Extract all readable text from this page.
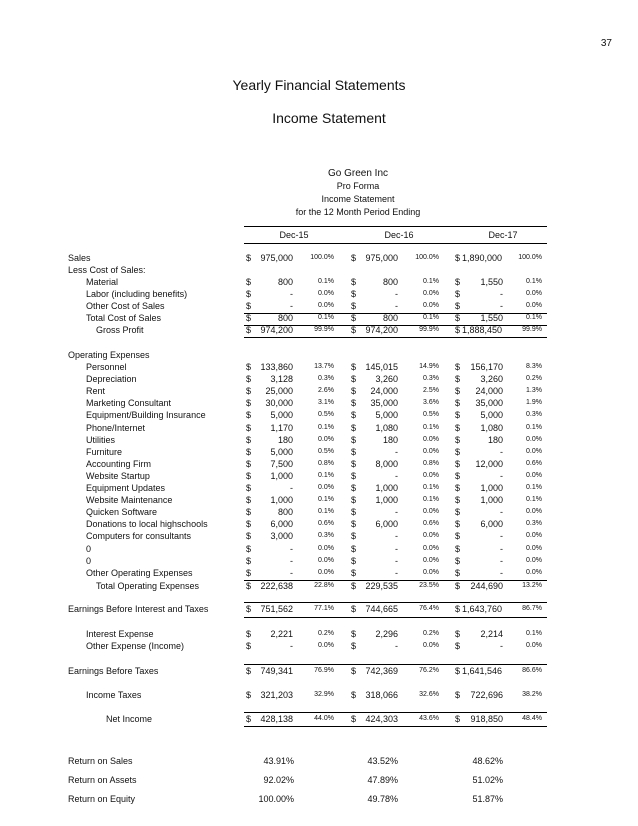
37
Yearly Financial Statements
Income Statement
Go Green Inc
Pro Forma
Income Statement
for the 12 Month Period Ending
Dec-15	Dec-16	Dec-17
Sales	$	975,000	100.0% $	975,000	100.0% $ 1,890,000	100.0%
Less Cost of Sales:
Material	$	800	0.1% $	800	0.1% $	1,550	0.1%
Labor (including benefits)	$	-	0.0% $	-	0.0% $	-	0.0%
Other Cost of Sales	$	-	0.0% $	-	0.0% $	-	0.0%
Total Cost of Sales	$	800	0.1% $	800	0.1% $	1,550	0.1%
Gross Profit	$	974,200	99.9% $	974,200	99.9% $ 1,888,450	99.9%
Operating Expenses
Personnel	$	133,860	13.7% $	145,015	14.9% $	156,170	8.3%
Depreciation	$	3,128	0.3% $	3,260	0.3% $	3,260	0.2%
Rent	$	25,000	2.6% $	24,000	2.5% $	24,000	1.3%
Marketing Consultant	$	30,000	3.1% $	35,000	3.6% $	35,000	1.9%
Equipment/Building Insurance	$	5,000	0.5% $	5,000	0.5% $	5,000	0.3%
Phone/Internet	$	1,170	0.1% $	1,080	0.1% $	1,080	0.1%
Utilities	$	180	0.0% $	180	0.0% $	180	0.0%
Furniture	$	5,000	0.5% $	-	0.0% $	-	0.0%
Accounting Firm	$	7,500	0.8% $	8,000	0.8% $	12,000	0.6%
Website Startup	$	1,000	0.1% $	-	0.0% $	-	0.0%
Equipment Updates	$	-	0.0% $	1,000	0.1% $	1,000	0.1%
Website Maintenance	$	1,000	0.1% $	1,000	0.1% $	1,000	0.1%
Quicken Software	$	800	0.1% $	-	0.0% $	-	0.0%
Donations to local highschools	$	6,000	0.6% $	6,000	0.6% $	6,000	0.3%
Computers for consultants	$	3,000	0.3% $	-	0.0% $	-	0.0%
0	$	-	0.0% $	-	0.0% $	-	0.0%
0	$	-	0.0% $	-	0.0% $	-	0.0%
Other Operating Expenses	$	-	0.0% $	-	0.0% $	-	0.0%
Total Operating Expenses	$	222,638	22.8% $	229,535	23.5% $	244,690	13.2%
Earnings Before Interest and Taxes	$	751,562	77.1% $	744,665	76.4% $ 1,643,760	86.7%
Interest Expense	$	2,221	0.2% $	2,296	0.2% $	2,214	0.1%
Other Expense (Income)	$	-	0.0% $	-	0.0% $	-	0.0%
Earnings Before Taxes	$	749,341	76.9% $	742,369	76.2% $ 1,641,546	86.6%
Income Taxes	$	321,203	32.9% $	318,066	32.6% $	722,696	38.2%
Net Income	$	428,138	44.0% $	424,303	43.6% $	918,850	48.4%
Return on Sales	43.91%	43.52%	48.62%
Return on Assets	92.02%	47.89%	51.02%
Return on Equity	100.00%	49.78%	51.87%
